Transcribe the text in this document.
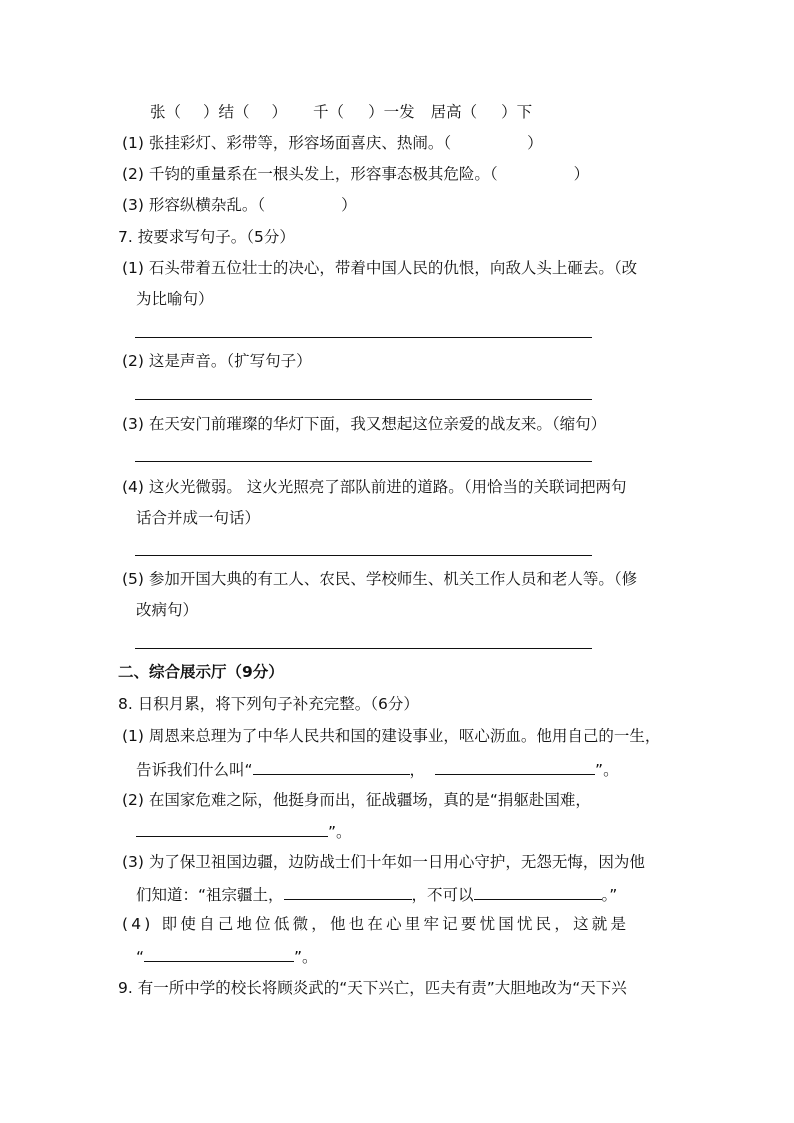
张（ ）结（ ） 千（ ）一发 居高（ ）下
(1) 张挂彩灯、彩带等，形容场面喜庆、热闹。（	）
(2) 千钧的重量系在一根头发上，形容事态极其危险。（	）
(3) 形容纵横杂乱。（	）
7. 按要求写句子。（5分）
(1) 石头带着五位壮士的决心，带着中国人民的仇恨，向敌人头上砸去。（改
为比喻句）
(2) 这是声音。（扩写句子）
(3) 在天安门前璀璨的华灯下面，我又想起这位亲爱的战友来。（缩句）
(4) 这火光微弱。 这火光照亮了部队前进的道路。（用恰当的关联词把两句
话合并成一句话）
(5) 参加开国大典的有工人、农民、学校师生、机关工作人员和老人等。（修
改病句）
二、综合展示厅（9分）
8. 日积月累，将下列句子补充完整。（6分）
(1) 周恩来总理为了中华人民共和国的建设事业，呕心沥血。他用自己的一生，
告诉我们什么叫“	，	”。
(2) 在国家危难之际，他挺身而出，征战疆场，真的是“捐躯赴国难，
”。
(3) 为了保卫祖国边疆，边防战士们十年如一日用心守护，无怨无悔，因为他
们知道：“祖宗疆土，	，不可以	。”
(4) 即使自己地位低微，他也在心里牢记要忧国忧民，这就是
“	”。
9. 有一所中学的校长将顾炎武的“天下兴亡，匹夫有责”大胆地改为“天下兴
